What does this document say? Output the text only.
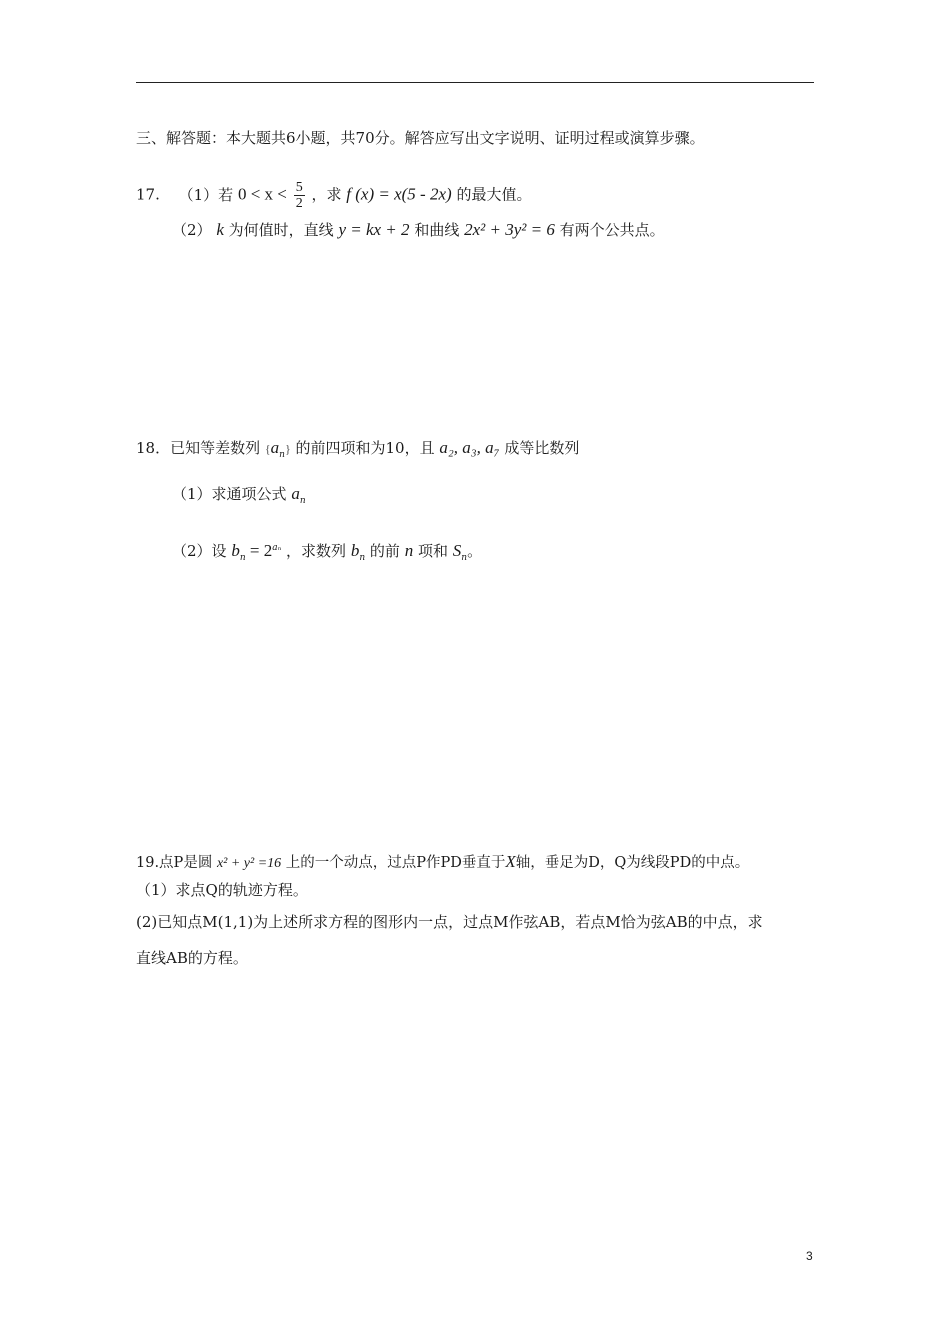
三、解答题：本大题共6小题，共70分。解答应写出文字说明、证明过程或演算步骤。
17. （1）若 $0 < x < \frac{5}{2}$ ，求 f (x) = x(5 - 2x) 的最大值。
（2） k 为何值时，直线 y = kx + 2 和曲线 2x² + 3y² = 6 有两个公共点。
18．已知等差数列 $\{a_n\}$ 的前四项和为10，且 a₂, a₃, a₇ 成等比数列
（1）求通项公式 $a_n$
（2）设 $b_n = 2^{a_n}$ ，求数列 $b_n$ 的前 n 项和 $S_n$。
19.点P是圆 x² + y² =16 上的一个动点，过点P作PD垂直于X轴，垂足为D，Q为线段PD的中点。
（1）求点Q的轨迹方程。
(2)已知点M(1,1)为上述所求方程的图形内一点，过点M作弦AB，若点M恰为弦AB的中点，求
直线AB的方程。
3
